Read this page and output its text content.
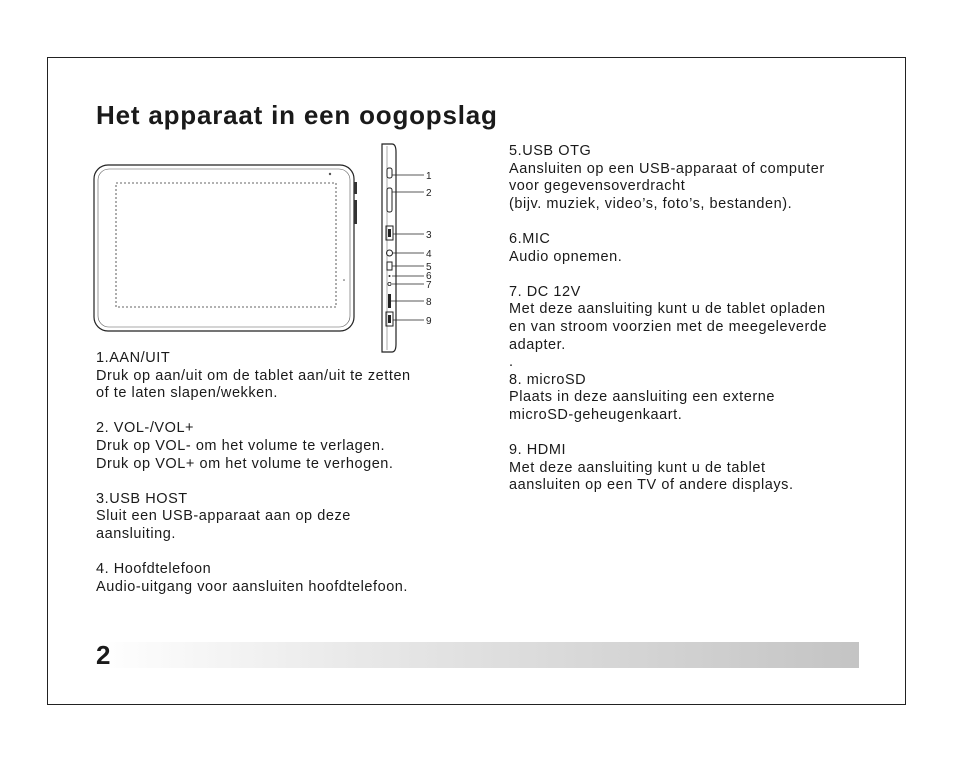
Het apparaat in een oogopslag
1
2
3
4
5
6
7
8
9
1.AAN/UIT
Druk op aan/uit om de tablet aan/uit te zetten
of te laten slapen/wekken.
2. VOL-/VOL+
Druk op VOL- om het volume te verlagen.
Druk op VOL+ om het volume te verhogen.
3.USB HOST
Sluit een USB-apparaat aan op deze
aansluiting.
4. Hoofdtelefoon
Audio-uitgang voor aansluiten hoofdtelefoon.
5.USB OTG
Aansluiten op een USB-apparaat of computer
voor gegevensoverdracht
(bijv. muziek, video’s, foto’s, bestanden).
6.MIC
Audio opnemen.
7. DC 12V
Met deze aansluiting kunt u de tablet opladen
en van stroom voorzien met de meegeleverde
adapter.
.
8. microSD
Plaats in deze aansluiting een externe
microSD-geheugenkaart.
9. HDMI
Met deze aansluiting kunt u de tablet
aansluiten op een TV of andere displays.
2
